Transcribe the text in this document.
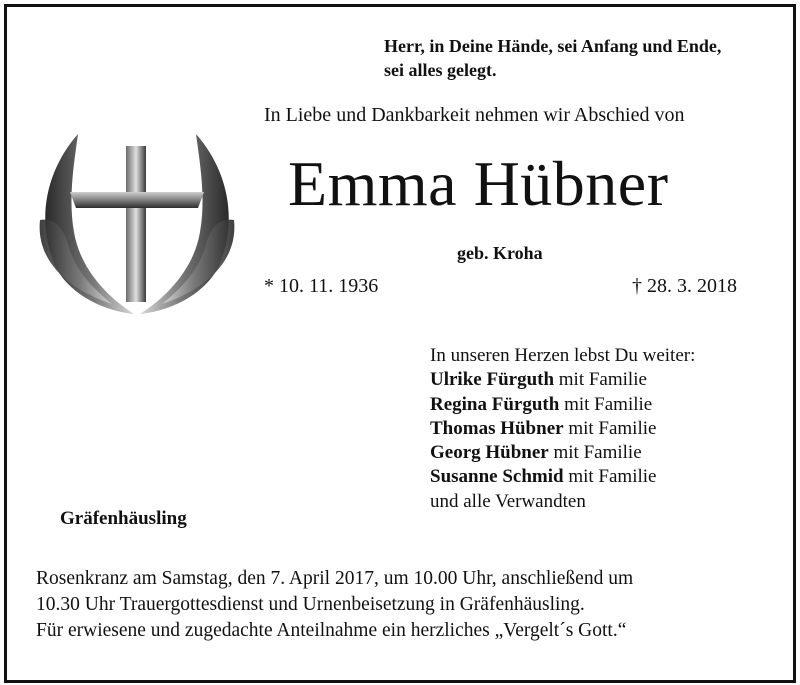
Herr, in Deine Hände, sei Anfang und Ende,
sei alles gelegt.
In Liebe und Dankbarkeit nehmen wir Abschied von
Emma Hübner
geb. Kroha
* 10. 11. 1936	† 28. 3. 2018
In unseren Herzen lebst Du weiter:
Ulrike Fürguth mit Familie
Regina Fürguth mit Familie
Thomas Hübner mit Familie
Georg Hübner mit Familie
Susanne Schmid mit Familie
und alle Verwandten
Gräfenhäusling
Rosenkranz am Samstag, den 7. April 2017, um 10.00 Uhr, anschließend um
10.30 Uhr Trauergottesdienst und Urnenbeisetzung in Gräfenhäusling.
Für erwiesene und zugedachte Anteilnahme ein herzliches „Vergelt´s Gott.“
